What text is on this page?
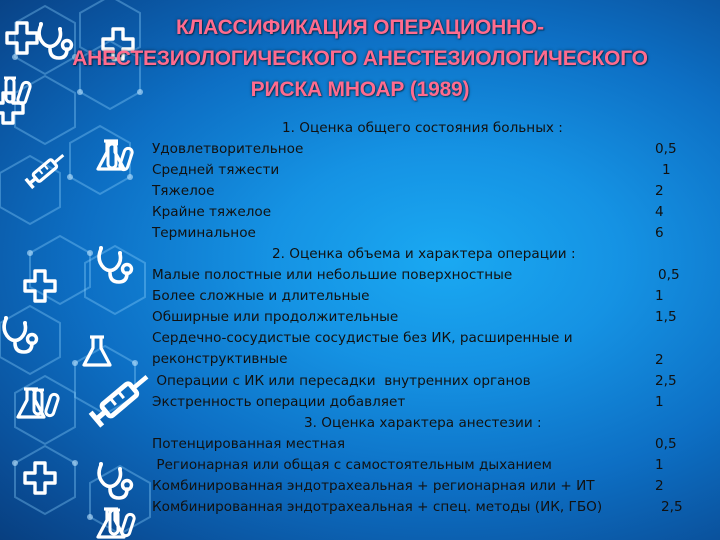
КЛАССИФИКАЦИЯ ОПЕРАЦИОННО-
АНЕСТЕЗИОЛОГИЧЕСКОГО АНЕСТЕЗИОЛОГИЧЕСКОГО
РИСКА МНОАР (1989)
1. Оценка общего состояния больных :
Удовлетворительное	0,5
Средней тяжести	1
Тяжелое	2
Крайне тяжелое	4
Терминальное	6
2. Оценка объема и характера операции :
Малые полостные или небольшие поверхностные	0,5
Более сложные и длительные	1
Обширные или продолжительные	1,5
Сердечно-сосудистые сосудистые без ИК, расширенные и реконструктивные	2
Операции с ИК или пересадки  внутренних органов	2,5
Экстренность операции добавляет	1
3. Оценка характера анестезии :
Потенцированная местная	0,5
Регионарная или общая с самостоятельным дыханием	1
Комбинированная эндотрахеальная + регионарная или + ИТ	2
Комбинированная эндотрахеальная + спец. методы (ИК, ГБО)	2,5
